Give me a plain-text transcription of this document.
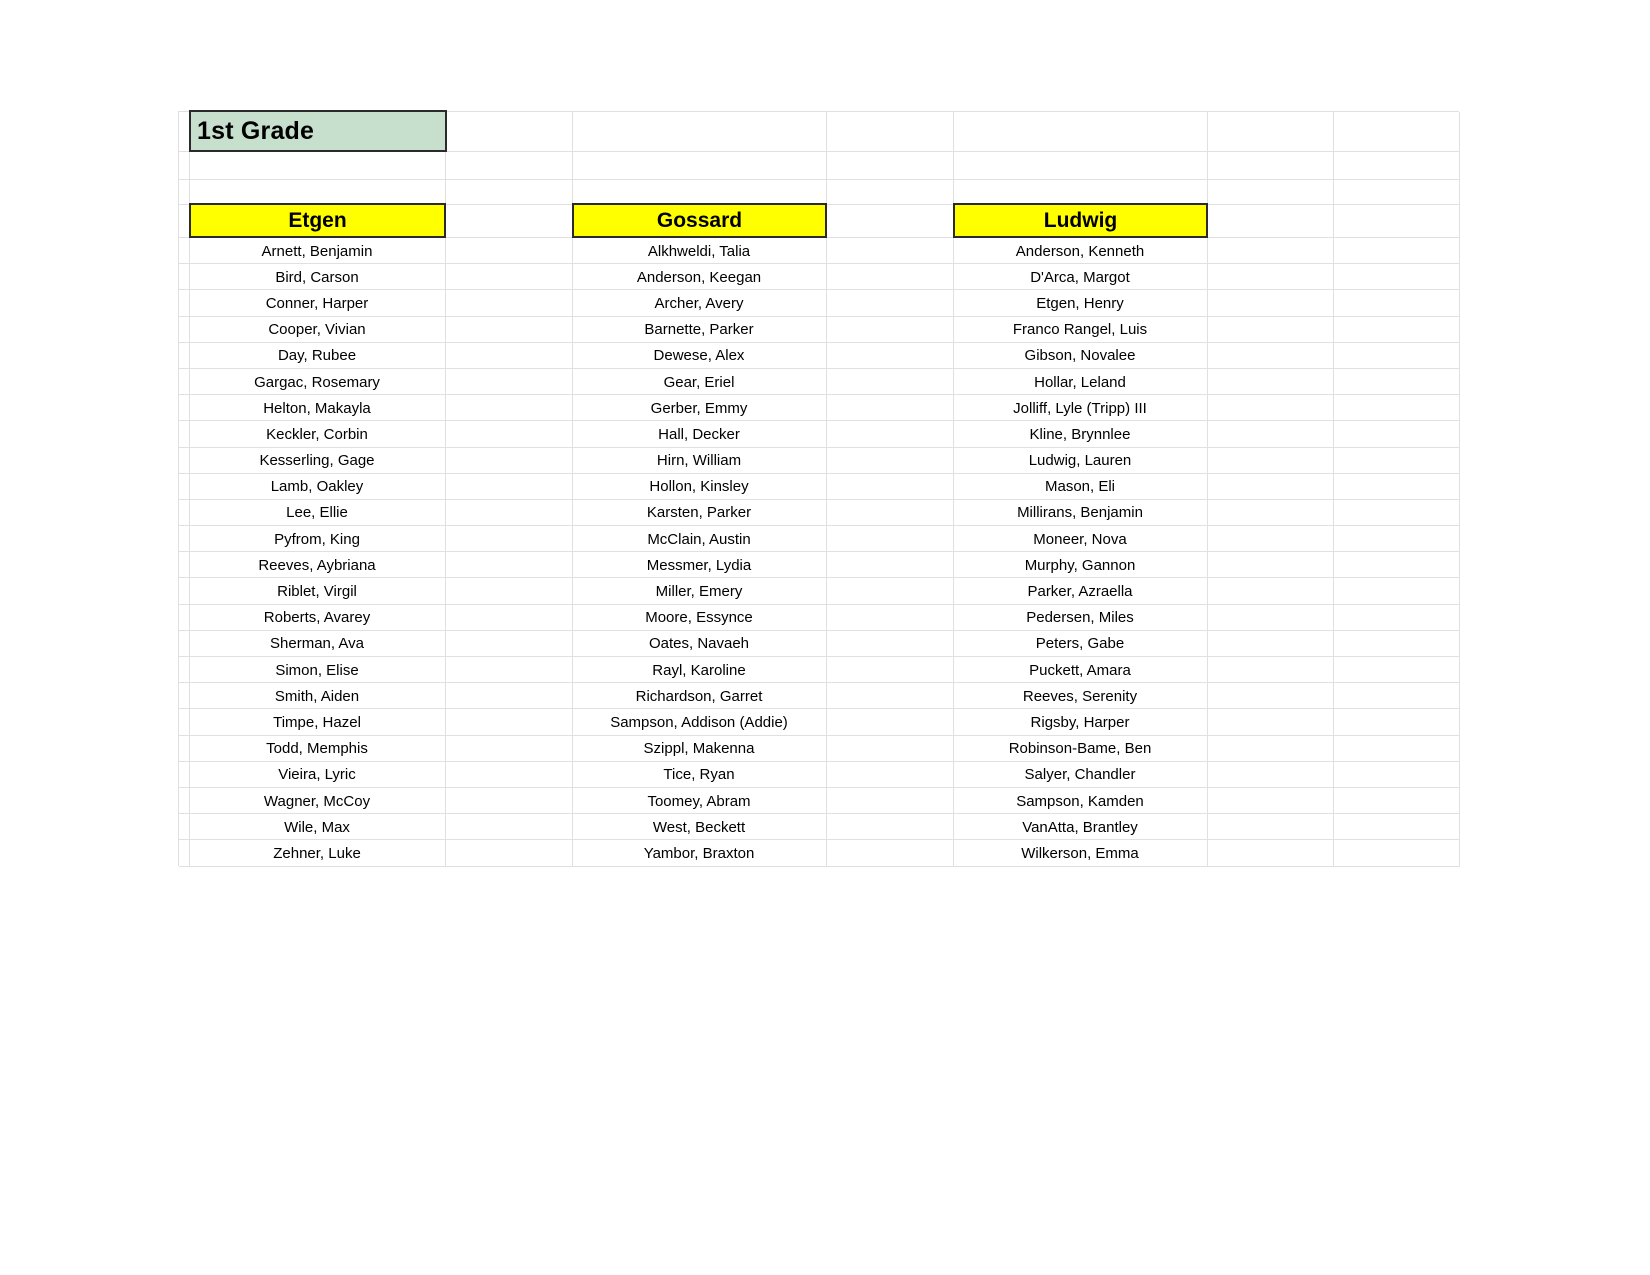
1st Grade
Etgen	Gossard	Ludwig
Arnett, Benjamin
Bird, Carson
Conner, Harper
Cooper, Vivian
Day, Rubee
Gargac, Rosemary
Helton, Makayla
Keckler, Corbin
Kesserling, Gage
Lamb, Oakley
Lee, Ellie
Pyfrom, King
Reeves, Aybriana
Riblet, Virgil
Roberts, Avarey
Sherman, Ava
Simon, Elise
Smith, Aiden
Timpe, Hazel
Todd, Memphis
Vieira, Lyric
Wagner, McCoy
Wile, Max
Zehner, Luke
Alkhweldi, Talia
Anderson, Keegan
Archer, Avery
Barnette, Parker
Dewese, Alex
Gear, Eriel
Gerber, Emmy
Hall, Decker
Hirn, William
Hollon, Kinsley
Karsten, Parker
McClain, Austin
Messmer, Lydia
Miller, Emery
Moore, Essynce
Oates, Navaeh
Rayl, Karoline
Richardson, Garret
Sampson, Addison (Addie)
Szippl, Makenna
Tice, Ryan
Toomey, Abram
West, Beckett
Yambor, Braxton
Anderson, Kenneth
D'Arca, Margot
Etgen, Henry
Franco Rangel, Luis
Gibson, Novalee
Hollar, Leland
Jolliff, Lyle (Tripp) III
Kline, Brynnlee
Ludwig, Lauren
Mason, Eli
Millirans, Benjamin
Moneer, Nova
Murphy, Gannon
Parker, Azraella
Pedersen, Miles
Peters, Gabe
Puckett, Amara
Reeves, Serenity
Rigsby, Harper
Robinson-Bame, Ben
Salyer, Chandler
Sampson, Kamden
VanAtta, Brantley
Wilkerson, Emma
